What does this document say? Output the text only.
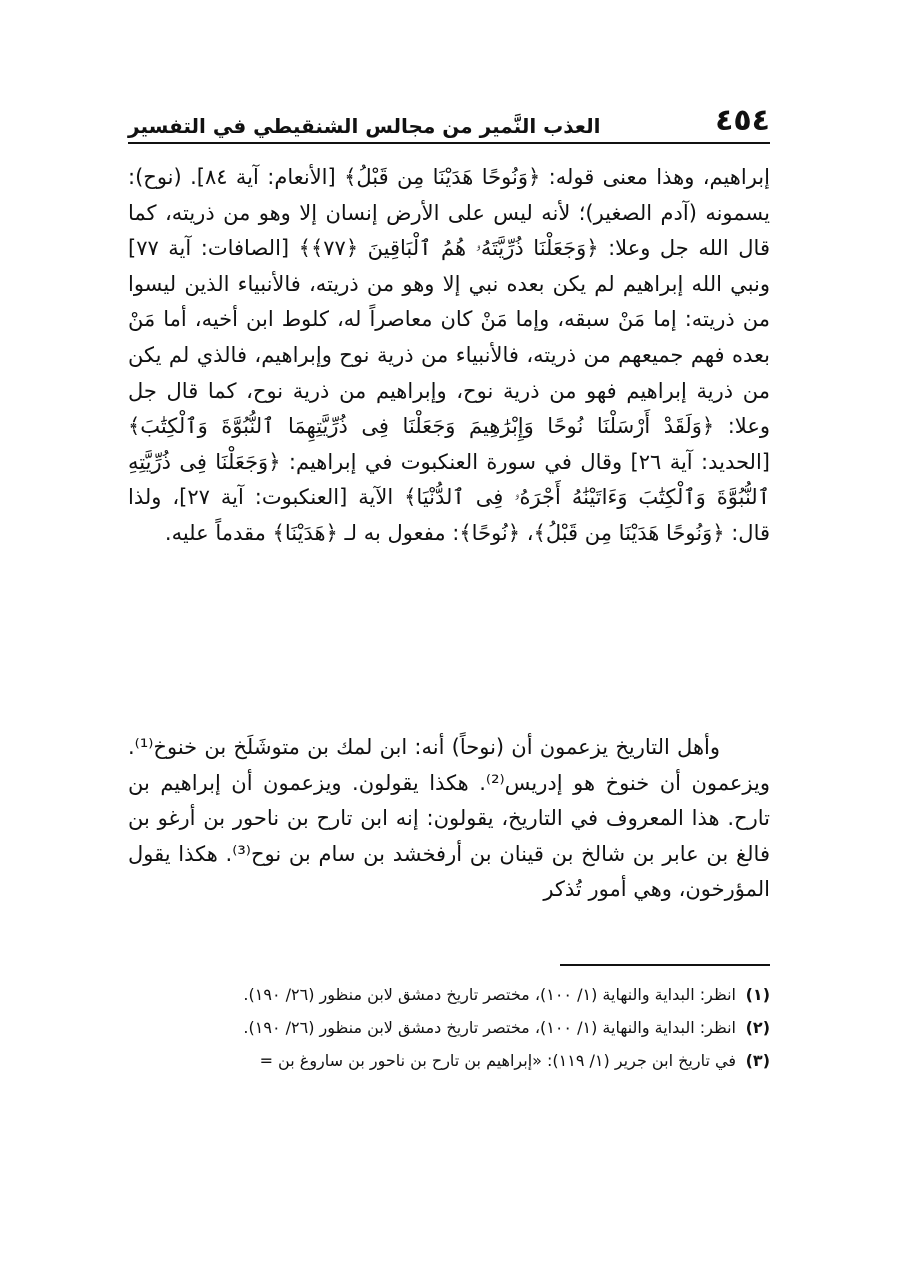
٤٥٤
العذب النَّمير من مجالس الشنقيطي في التفسير

إبراهيم، وهذا معنى قوله: ﴿وَنُوحًا هَدَيْنَا مِن قَبْلُ﴾ [الأنعام: آية ٨٤]. (نوح): يسمونه (آدم الصغير)؛ لأنه ليس على الأرض إنسان إلا وهو من ذريته، كما قال الله جل وعلا: ﴿وَجَعَلْنَا ذُرِّيَّتَهُۥ هُمُ ٱلْبَاقِينَ ﴿٧٧﴾﴾ [الصافات: آية ٧٧] ونبي الله إبراهيم لم يكن بعده نبي إلا وهو من ذريته، فالأنبياء الذين ليسوا من ذريته: إما مَنْ سبقه، وإما مَنْ كان معاصراً له، كلوط ابن أخيه، أما مَنْ بعده فهم جميعهم من ذريته، فالأنبياء من ذرية نوح وإبراهيم، فالذي لم يكن من ذرية إبراهيم فهو من ذرية نوح، وإبراهيم من ذرية نوح، كما قال جل وعلا: ﴿وَلَقَدْ أَرْسَلْنَا نُوحًا وَإِبْرَٰهِيمَ وَجَعَلْنَا فِى ذُرِّيَّتِهِمَا ٱلنُّبُوَّةَ وَٱلْكِتَٰبَ﴾ [الحديد: آية ٢٦] وقال في سورة العنكبوت في إبراهيم: ﴿وَجَعَلْنَا فِى ذُرِّيَّتِهِ ٱلنُّبُوَّةَ وَٱلْكِتَٰبَ وَءَاتَيْنَٰهُ أَجْرَهُۥ فِى ٱلدُّنْيَا﴾ الآية [العنكبوت: آية ٢٧]، ولذا قال: ﴿وَنُوحًا هَدَيْنَا مِن قَبْلُ﴾، ﴿نُوحًا﴾: مفعول به لـ ﴿هَدَيْنَا﴾ مقدماً عليه.

وأهل التاريخ يزعمون أن (نوحاً) أنه: ابن لمك بن متوشَلَخ بن خنوخ⁽¹⁾. ويزعمون أن خنوخ هو إدريس⁽²⁾. هكذا يقولون. ويزعمون أن إبراهيم بن تارح. هذا المعروف في التاريخ، يقولون: إنه ابن تارح بن ناحور بن أرغو بن فالغ بن عابر بن شالخ بن قينان بن أرفخشد بن سام بن نوح⁽³⁾. هكذا يقول المؤرخون، وهي أمور تُذكر

(١)
انظر: البداية والنهاية (١/ ١٠٠)، مختصر تاريخ دمشق لابن منظور (٢٦/ ١٩٠).
(٢)
انظر: البداية والنهاية (١/ ١٠٠)، مختصر تاريخ دمشق لابن منظور (٢٦/ ١٩٠).
(٣)
في تاريخ ابن جرير (١/ ١١٩): «إبراهيم بن تارح بن ناحور بن ساروغ بن =
